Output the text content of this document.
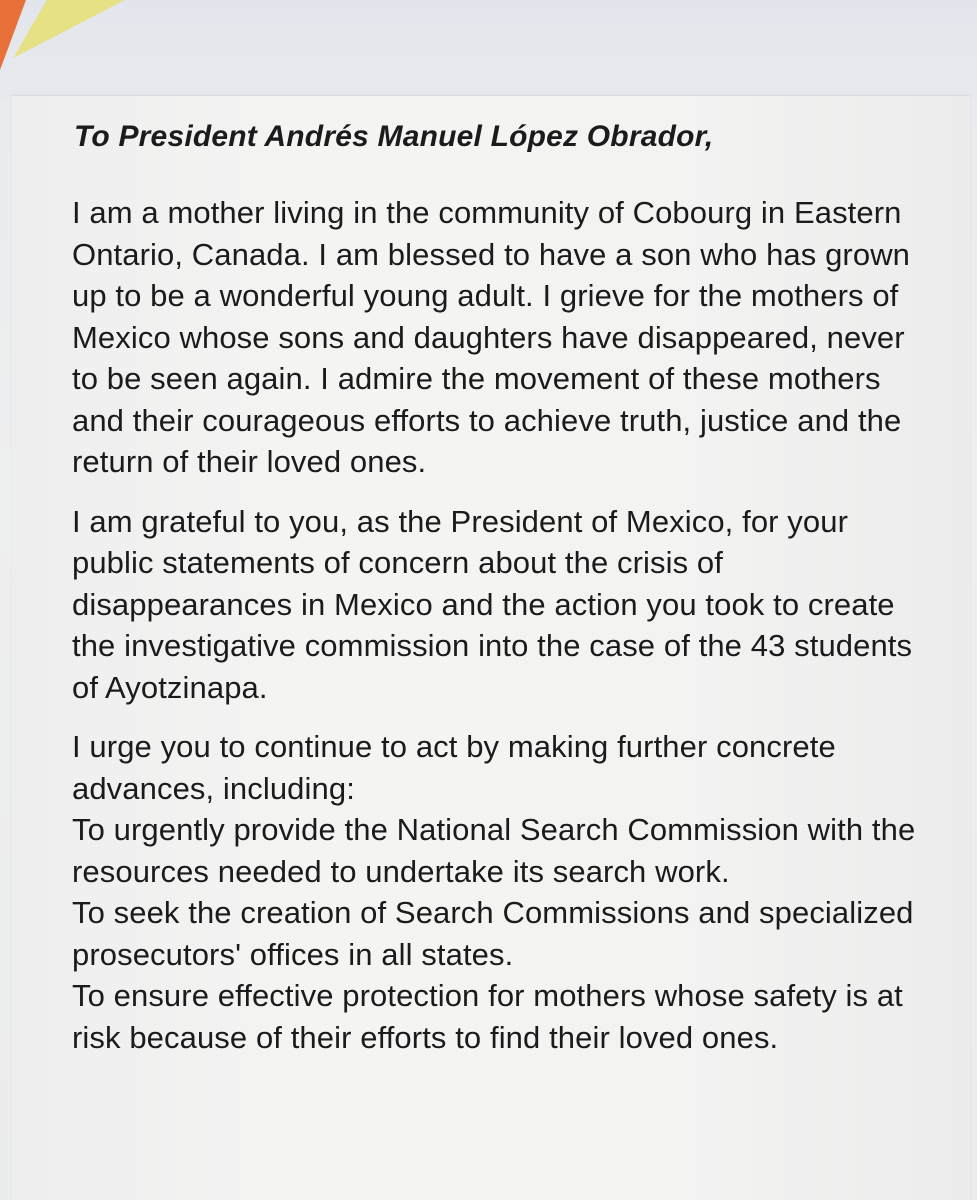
To President Andrés Manuel López Obrador,

I am a mother living in the community of Cobourg in Eastern Ontario, Canada. I am blessed to have a son who has grown up to be a wonderful young adult. I grieve for the mothers of Mexico whose sons and daughters have disappeared, never to be seen again. I admire the movement of these mothers and their courageous efforts to achieve truth, justice and the return of their loved ones.

I am grateful to you, as the President of Mexico, for your public statements of concern about the crisis of disappearances in Mexico and the action you took to create the investigative commission into the case of the 43 students of Ayotzinapa.

I urge you to continue to act by making further concrete advances, including:

To urgently provide the National Search Commission with the resources needed to undertake its search work.

To seek the creation of Search Commissions and specialized prosecutors' offices in all states.

To ensure effective protection for mothers whose safety is at risk because of their efforts to find their loved ones.
